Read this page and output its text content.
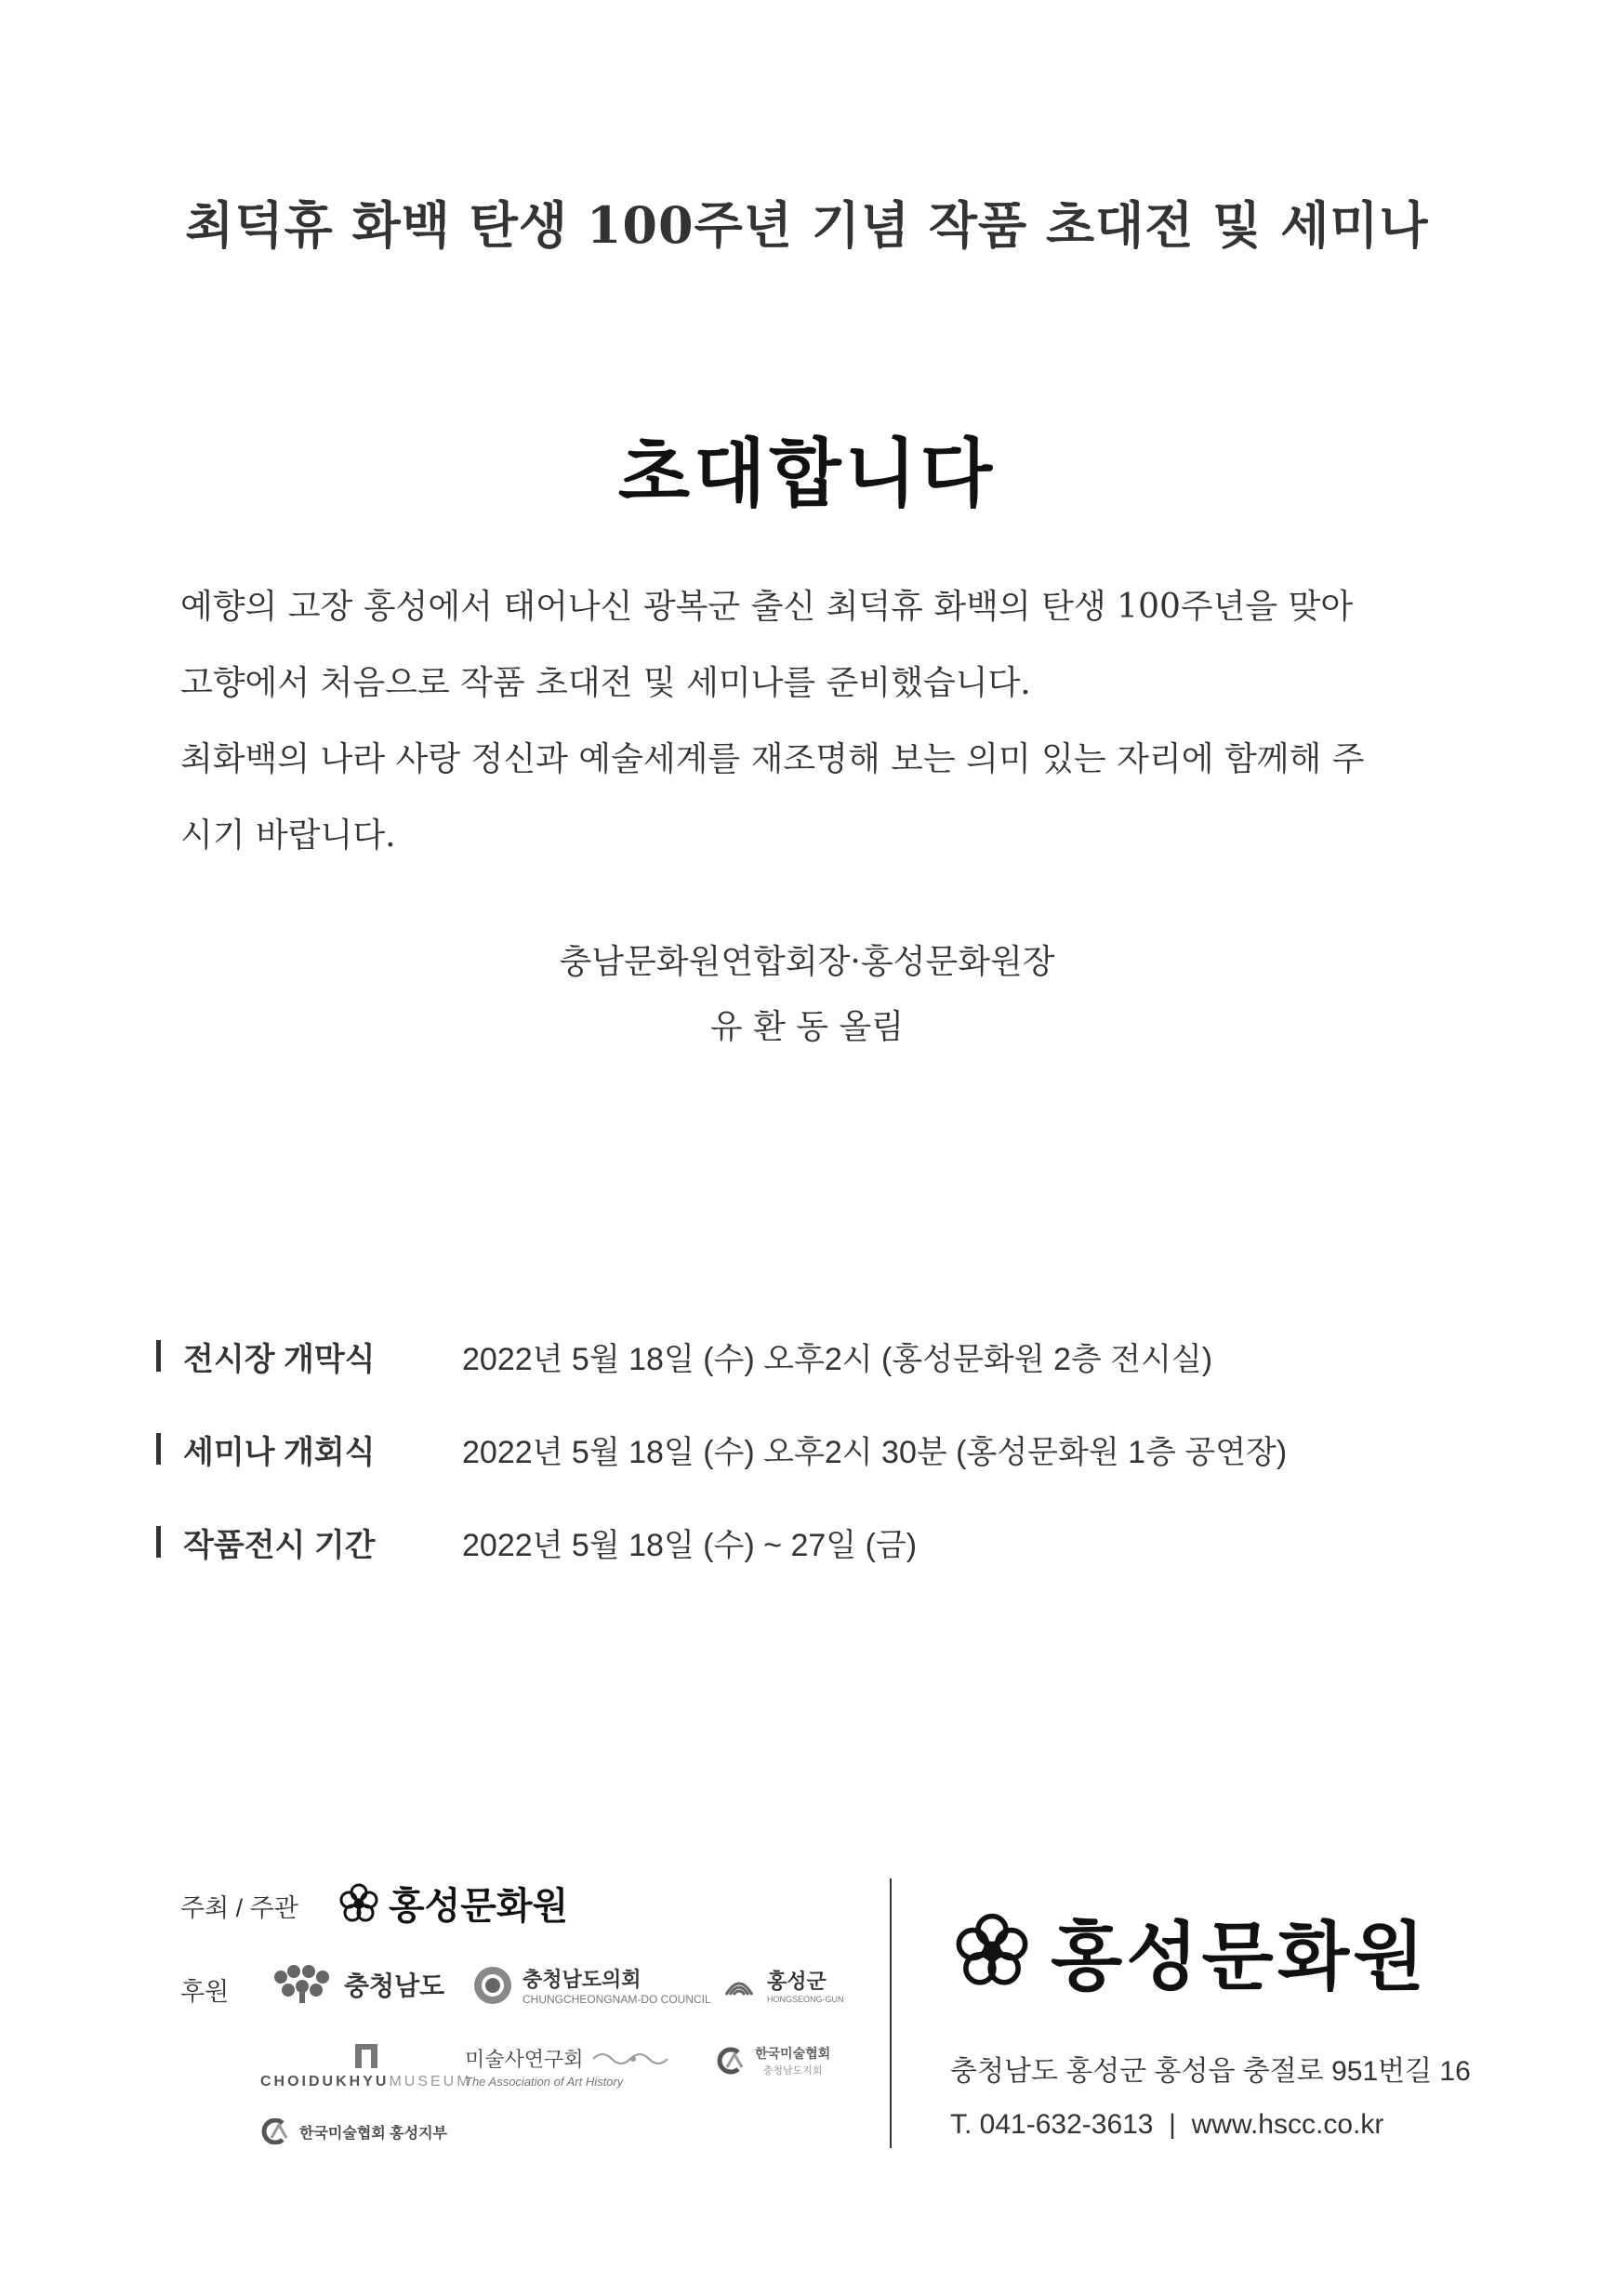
최덕휴 화백 탄생 100주년 기념 작품 초대전 및 세미나
초대합니다

예향의 고장 홍성에서 태어나신 광복군 출신 최덕휴 화백의 탄생 100주년을 맞아

고향에서 처음으로 작품 초대전 및 세미나를 준비했습니다.

최화백의 나라 사랑 정신과 예술세계를 재조명해 보는 의미 있는 자리에 함께해 주

시기 바랍니다.

충남문화원연합회장·홍성문화원장
유 환 동 올림
전시장 개막식	2022년 5월 18일 (수) 오후2시 (홍성문화원 2층 전시실)
세미나 개회식	2022년 5월 18일 (수) 오후2시 30분 (홍성문화원 1층 공연장)
작품전시 기간	2022년 5월 18일 (수) ~ 27일 (금)
주최 / 주관 홍성문화원
후원	충청남도	충청남도의회
CHUNGCHEONGNAM-DO COUNCIL
홍성군
HONGSEONG-GUN
CHOIDUKHYUMUSEUM
미술사연구회
The Association of Art History
한국미술협회
충청남도지회
한국미술협회 홍성지부
홍성문화원
충청남도 홍성군 홍성읍 충절로 951번길 16
T. 041-632-3613  |  www.hscc.co.kr
